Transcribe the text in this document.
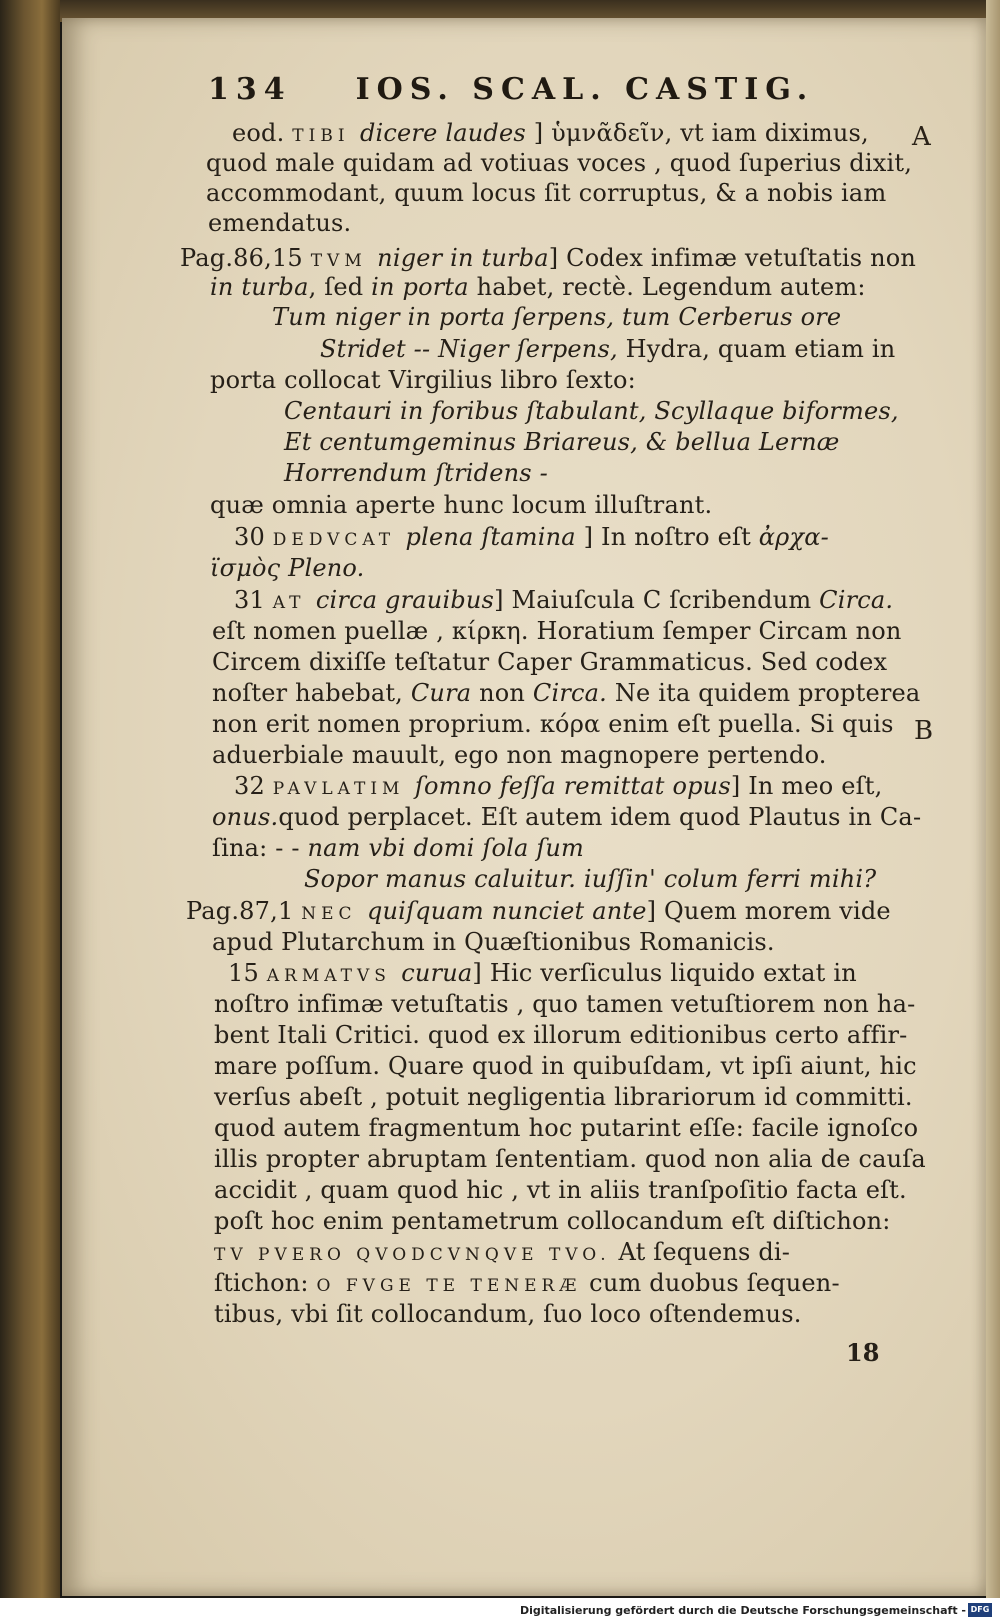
134 IOS. SCAL. CASTIG.
A
B
eod. TIBI dicere laudes ] ὑμνᾶδεῖν, vt iam diximus,
quod male quidam ad votiuas voces , quod ſuperius dixit,
accommodant, quum locus ſit corruptus, & a nobis iam
emendatus.
Pag.86,15 TVM niger in turba] Codex infimæ vetuſtatis non
in turba, ſed in porta habet, rectè. Legendum autem:
Tum niger in porta ſerpens, tum Cerberus ore
Stridet -- Niger ſerpens, Hydra, quam etiam in
porta collocat Virgilius libro ſexto:
Centauri in foribus ſtabulant, Scyllaque biformes,
Et centumgeminus Briareus, & bellua Lernæ
Horrendum ſtridens -
quæ omnia aperte hunc locum illuſtrant.
30 DEDVCAT plena ſtamina ] In noſtro eſt ἀρχα-
ϊσμὸς Pleno.
31 AT circa grauibus] Maiuſcula C ſcribendum Circa.
eſt nomen puellæ , κίρκη. Horatium ſemper Circam non
Circem dixiſſe teſtatur Caper Grammaticus. Sed codex
noſter habebat, Cura non Circa. Ne ita quidem propterea
non erit nomen proprium. κόρα enim eſt puella. Si quis
aduerbiale mauult, ego non magnopere pertendo.
32 PAVLATIM ſomno feſſa remittat opus] In meo eſt,
onus.quod perplacet. Eſt autem idem quod Plautus in Ca-
ſina: - - nam vbi domi ſola ſum
Sopor manus caluitur. iuſſin' colum ferri mihi?
Pag.87,1 NEC quiſquam nunciet ante] Quem morem vide
apud Plutarchum in Quæſtionibus Romanicis.
15 ARMATVS curua] Hic verſiculus liquido extat in
noſtro infimæ vetuſtatis , quo tamen vetuſtiorem non ha-
bent Itali Critici. quod ex illorum editionibus certo affir-
mare poſſum. Quare quod in quibuſdam, vt ipſi aiunt, hic
verſus abeſt , potuit negligentia librariorum id committi.
quod autem fragmentum hoc putarint eſſe: facile ignoſco
illis propter abruptam ſententiam. quod non alia de cauſa
accidit , quam quod hic , vt in aliis tranſpoſitio facta eſt.
poſt hoc enim pentametrum collocandum eſt diſtichon:
TV PVERO QVODCVNQVE TVO. At ſequens di-
ſtichon: O FVGE TE TENERÆ cum duobus ſequen-
tibus, vbi ſit collocandum, ſuo loco oſtendemus.
18
Digitalisierung gefördert durch die Deutsche Forschungsgemeinschaft - DFG
